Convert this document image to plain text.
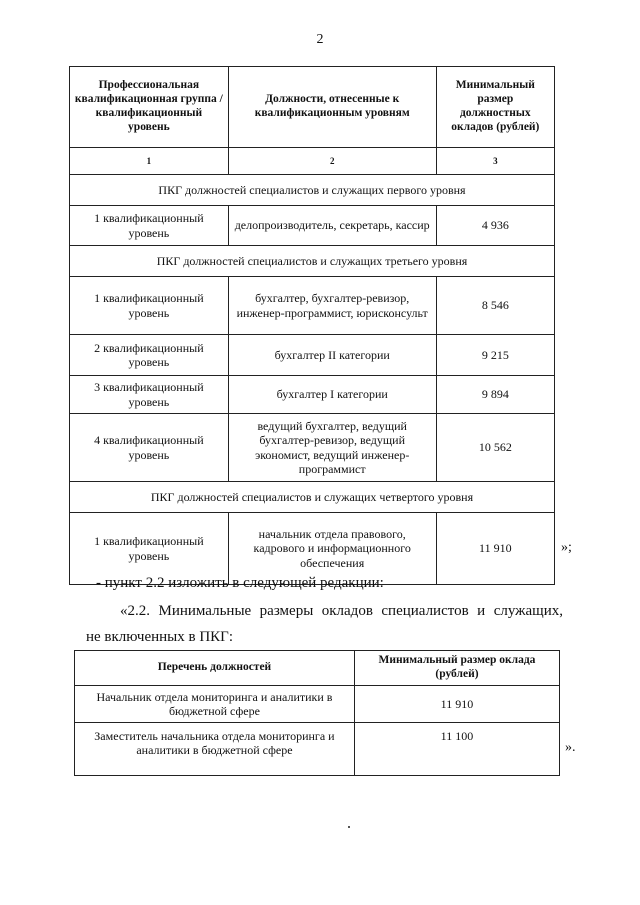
2
Профессиональная квалификационная группа / квалификационный уровень	Должности, отнесенные к квалификационным уровням	Минимальный размер должностных окладов (рублей)
1	2	3
ПКГ должностей специалистов и служащих первого уровня		
1 квалификационный уровень	делопроизводитель, секретарь, кассир	4 936
ПКГ должностей специалистов и служащих третьего уровня		
1 квалификационный уровень	бухгалтер, бухгалтер-ревизор, инженер-программист, юрисконсульт	8 546
2 квалификационный уровень	бухгалтер II категории	9 215
3 квалификационный уровень	бухгалтер I категории	9 894
4 квалификационный уровень	ведущий бухгалтер, ведущий бухгалтер-ревизор, ведущий экономист, ведущий инженер-программист	10 562
ПКГ должностей специалистов и служащих четвертого уровня		
1 квалификационный уровень	начальник отдела правового, кадрового и информационного обеспечения	11 910	»;
- пункт 2.2 изложить в следующей редакции:
«2.2. Минимальные размеры окладов специалистов и служащих,
не включенных в ПКГ:
Перечень должностей	Минимальный размер оклада (рублей)
Начальник отдела мониторинга и аналитики в бюджетной сфере	11 910
Заместитель начальника отдела мониторинга и аналитики в бюджетной сфере	11 100
».
